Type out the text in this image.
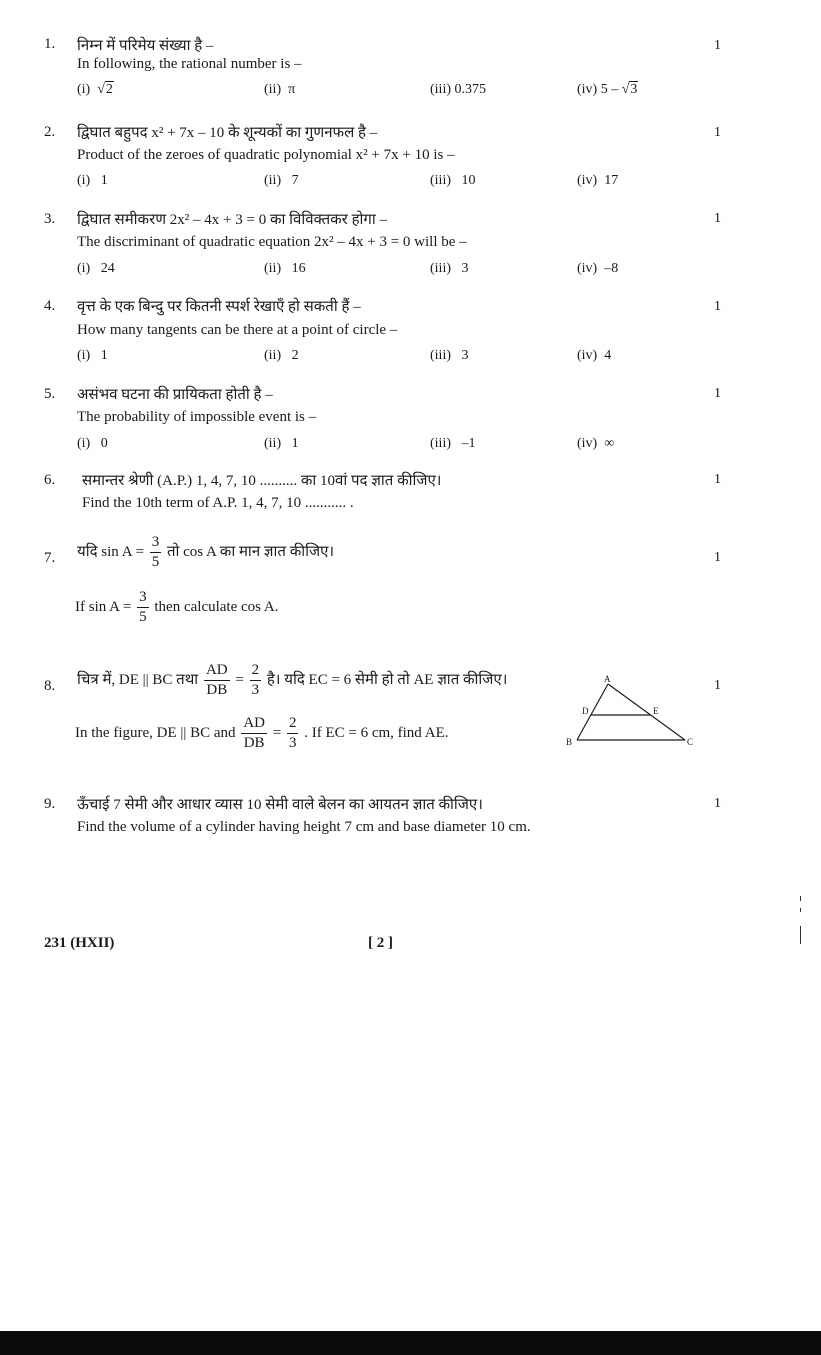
1. निम्न में परिमेय संख्या है –	1
In following, the rational number is –
(i)  √2	(ii) π	(iii) 0.375	(iv) 5 – √3
2. द्विघात बहुपद x² + 7x – 10 के शून्यकों का गुणनफल है –	1
Product of the zeroes of quadratic polynomial x² + 7x + 10 is –
(i) 1	(ii) 7	(iii) 10	(iv) 17
3. द्विघात समीकरण 2x² – 4x + 3 = 0 का विविक्तकर होगा –	1
The discriminant of quadratic equation 2x² – 4x + 3 = 0 will be –
(i) 24	(ii) 16	(iii) 3	(iv) –8
4. वृत्त के एक बिन्दु पर कितनी स्पर्श रेखाएँ हो सकती हैं –	1
How many tangents can be there at a point of circle –
(i) 1	(ii) 2	(iii) 3	(iv) 4
5. असंभव घटना की प्रायिकता होती है –	1
The probability of impossible event is –
(i) 0	(ii) 1	(iii) –1	(iv) ∞
6. समान्तर श्रेणी (A.P.) 1, 4, 7, 10 .......... का 10वां पद ज्ञात कीजिए।	1
Find the 10th term of A.P. 1, 4, 7, 10 ........... .
7. यदि $\sin A = \frac{3}{5}$ तो cos A का मान ज्ञात कीजिए।	1
If $\sin A = \frac{3}{5}$ then calculate cos A.
8. चित्र में, DE || BC तथा $\frac{AD}{DB} = \frac{2}{3}$ है। यदि EC = 6 सेमी हो तो AE ज्ञात कीजिए।	1
In the figure, DE || BC and $\frac{AD}{DB} = \frac{2}{3}$ . If EC = 6 cm, find AE.
A
B	C
D	E
9. ऊँचाई 7 सेमी और आधार व्यास 10 सेमी वाले बेलन का आयतन ज्ञात कीजिए।	1
Find the volume of a cylinder having height 7 cm and base diameter 10 cm.
231 (HXII)	[ 2 ]
